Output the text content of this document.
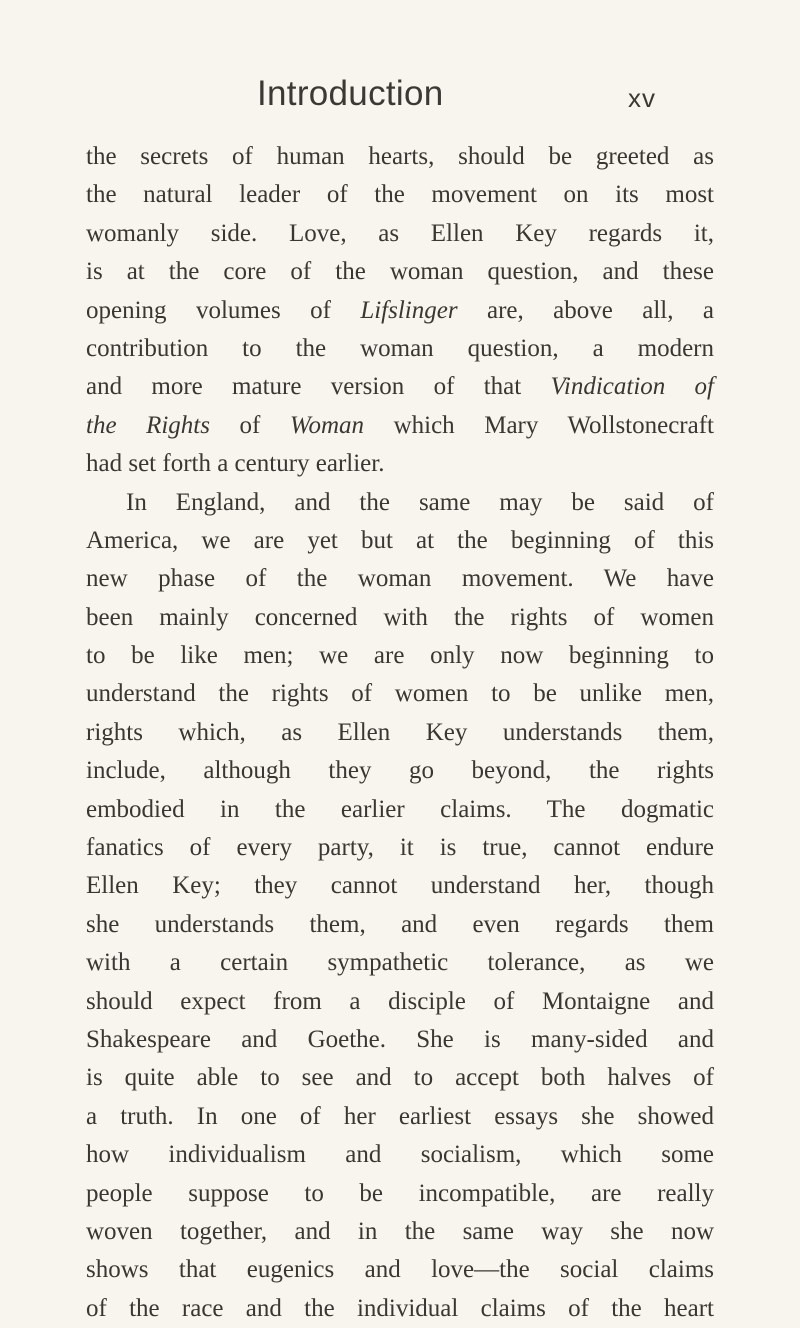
Introduction	xv
the secrets of human hearts, should be greeted as
the natural leader of the movement on its most
womanly side. Love, as Ellen Key regards it,
is at the core of the woman question, and these
opening volumes of Lifslinger are, above all, a
contribution to the woman question, a modern
and more mature version of that Vindication of
the Rights of Woman which Mary Wollstonecraft
had set forth a century earlier.
In England, and the same may be said of
America, we are yet but at the beginning of this
new phase of the woman movement. We have
been mainly concerned with the rights of women
to be like men; we are only now beginning to
understand the rights of women to be unlike men,
rights which, as Ellen Key understands them,
include, although they go beyond, the rights
embodied in the earlier claims. The dogmatic
fanatics of every party, it is true, cannot endure
Ellen Key; they cannot understand her, though
she understands them, and even regards them
with a certain sympathetic tolerance, as we
should expect from a disciple of Montaigne and
Shakespeare and Goethe. She is many-sided and
is quite able to see and to accept both halves of
a truth. In one of her earliest essays she showed
how individualism and socialism, which some
people suppose to be incompatible, are really
woven together, and in the same way she now
shows that eugenics and love—the social claims
of the race and the individual claims of the heart
